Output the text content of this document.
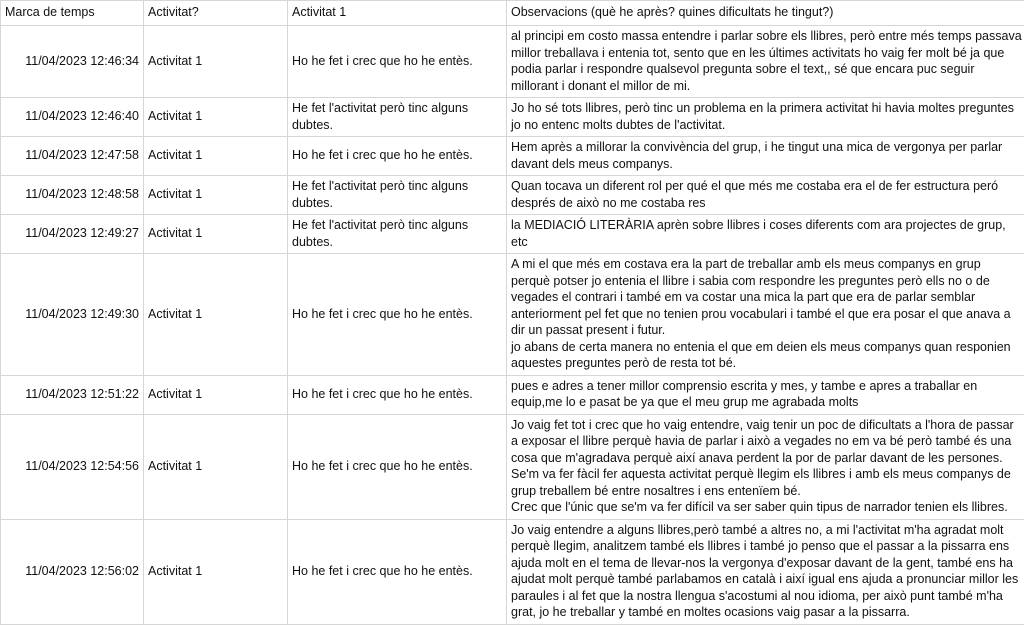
Marca de temps	Activitat?	Activitat 1	Observacions (què he après? quines dificultats he tingut?)
11/04/2023 12:46:34	Activitat 1	Ho he fet i crec que ho he entès.	al principi em costo massa entendre i parlar sobre els llibres, però entre més temps passava millor treballava i entenia tot, sento que en les últimes activitats ho vaig fer molt bé ja que podia parlar i respondre qualsevol pregunta sobre el text,, sé que encara puc seguir millorant i donant el millor de mi.
11/04/2023 12:46:40	Activitat 1	He fet l'activitat però tinc alguns dubtes.	Jo ho sé tots llibres, però tinc un problema en la primera activitat hi havia moltes preguntes jo no entenc molts dubtes de l'activitat.
11/04/2023 12:47:58	Activitat 1	Ho he fet i crec que ho he entès.	Hem après a millorar la convivència del grup, i he tingut una mica de vergonya per parlar davant dels meus companys.
11/04/2023 12:48:58	Activitat 1	He fet l'activitat però tinc alguns dubtes.	Quan tocava un diferent rol per qué el que més me costaba era el de fer estructura peró després de això no me costaba res
11/04/2023 12:49:27	Activitat 1	He fet l'activitat però tinc alguns dubtes.	la MEDIACIÓ LITERÀRIA aprèn sobre llibres i coses diferents com ara projectes de grup, etc
11/04/2023 12:49:30	Activitat 1	Ho he fet i crec que ho he entès.	A mi el que més em costava era la part de treballar amb els meus companys en grup perquè potser jo entenia el llibre i sabia com respondre les preguntes però ells no o de vegades el contrari i també em va costar una mica la part que era de parlar semblar anteriorment pel fet que no tenien prou vocabulari i també el que era posar el que anava a dir un passat present i futur.
jo abans de certa manera no entenia el que em deien els meus companys quan responien aquestes preguntes però de resta tot bé.
11/04/2023 12:51:22	Activitat 1	Ho he fet i crec que ho he entès.	pues e adres a tener millor comprensio escrita y mes, y tambe e apres a traballar en equip,me lo e pasat be ya que el meu grup me agrabada molts
11/04/2023 12:54:56	Activitat 1	Ho he fet i crec que ho he entès.	Jo vaig fet tot i crec que ho vaig entendre, vaig tenir un poc de dificultats a l'hora de passar a exposar el llibre perquè havia de parlar i això a vegades no em va bé però també és una cosa que m'agradava perquè així anava perdent la por de parlar davant de les persones.
Se'm va fer fàcil fer aquesta activitat perquè llegim els llibres i amb els meus companys de grup treballem bé entre nosaltres i ens entenïem bé.
Crec que l'únic que se'm va fer difícil va ser saber quin tipus de narrador tenien els llibres.
11/04/2023 12:56:02	Activitat 1	Ho he fet i crec que ho he entès.	Jo vaig entendre a alguns llibres,però també a altres no, a mi l'activitat m'ha agradat molt perquè llegim, analitzem també els llibres i també jo penso que el passar a la pissarra ens ajuda molt en el tema de llevar-nos la vergonya d'exposar davant de la gent, també ens ha ajudat molt perquè també parlabamos en català i així igual ens ajuda a pronunciar millor les paraules i al fet que la nostra llengua s'acostumi al nou idioma, per això punt també m'ha grat, jo he treballar y també en moltes ocasions vaig pasar a la pissarra.
